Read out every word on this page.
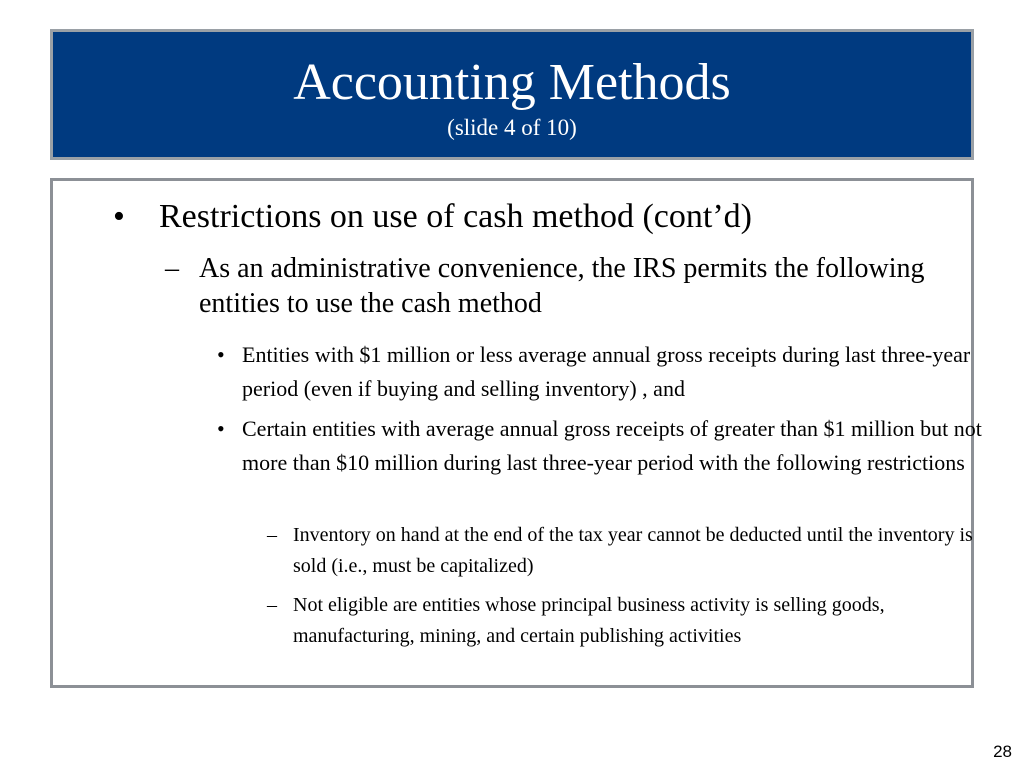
Accounting Methods
(slide 4 of 10)
• Restrictions on use of cash method (cont’d)
– As an administrative convenience, the IRS permits the following entities to use the cash method
• Entities with $1 million or less average annual gross receipts during last three-year period (even if buying and selling inventory) , and
• Certain entities with average annual gross receipts of greater than $1 million but not more than $10 million during last three-year period with the following restrictions
– Inventory on hand at the end of the tax year cannot be deducted until the inventory is sold (i.e., must be capitalized)
– Not eligible are entities whose principal business activity is selling goods, manufacturing, mining, and certain publishing activities
28
